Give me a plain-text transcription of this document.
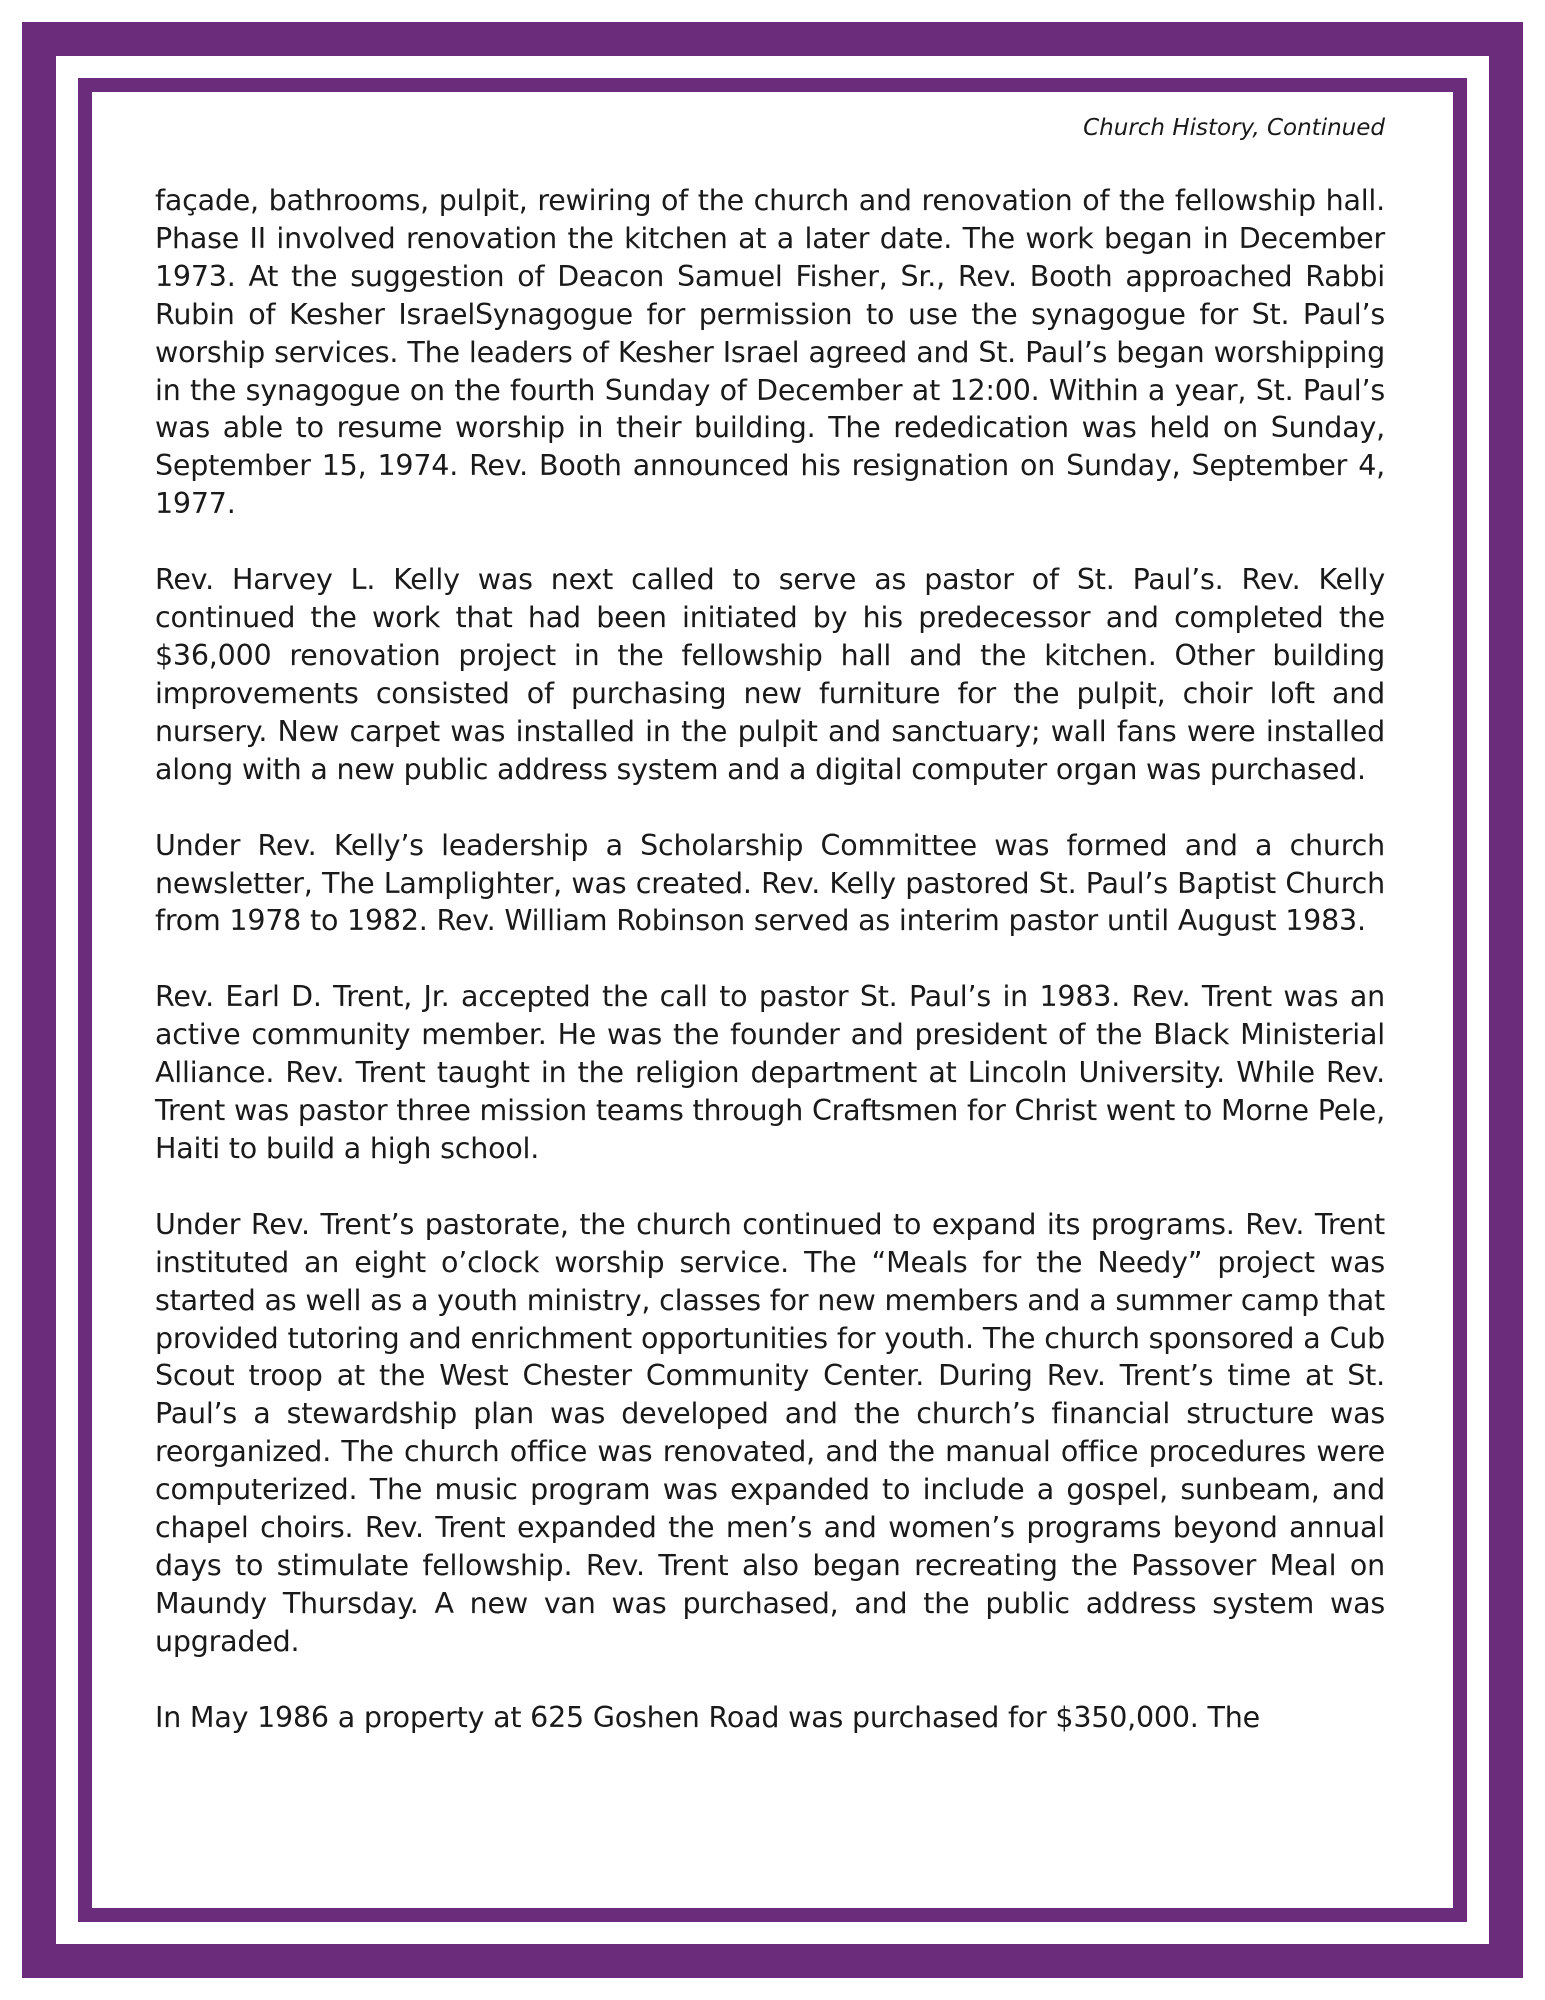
Church History, Continued

façade, bathrooms, pulpit, rewiring of the church and renovation of the fellowship hall. Phase II involved renovation the kitchen at a later date. The work began in December 1973. At the suggestion of Deacon Samuel Fisher, Sr., Rev. Booth approached Rabbi Rubin of Kesher IsraelSynagogue for permission to use the synagogue for St. Paul’s worship services. The leaders of Kesher Israel agreed and St. Paul’s began worshipping in the synagogue on the fourth Sunday of December at 12:00. Within a year, St. Paul’s was able to resume worship in their building. The rededication was held on Sunday, September 15, 1974. Rev. Booth announced his resignation on Sunday, September 4, 1977.

Rev. Harvey L. Kelly was next called to serve as pastor of St. Paul’s. Rev. Kelly continued the work that had been initiated by his predecessor and completed the $36,000 renovation project in the fellowship hall and the kitchen. Other building improvements consisted of purchasing new furniture for the pulpit, choir loft and nursery. New carpet was installed in the pulpit and sanctuary; wall fans were installed along with a new public address system and a digital computer organ was purchased.

Under Rev. Kelly’s leadership a Scholarship Committee was formed and a church newsletter, The Lamplighter, was created. Rev. Kelly pastored St. Paul’s Baptist Church from 1978 to 1982. Rev. William Robinson served as interim pastor until August 1983.

Rev. Earl D. Trent, Jr. accepted the call to pastor St. Paul’s in 1983. Rev. Trent was an active community member. He was the founder and president of the Black Ministerial Alliance. Rev. Trent taught in the religion department at Lincoln University. While Rev. Trent was pastor three mission teams through Craftsmen for Christ went to Morne Pele, Haiti to build a high school.

Under Rev. Trent’s pastorate, the church continued to expand its programs. Rev. Trent instituted an eight o’clock worship service. The “Meals for the Needy” project was started as well as a youth ministry, classes for new members and a summer camp that provided tutoring and enrichment opportunities for youth. The church sponsored a Cub Scout troop at the West Chester Community Center. During Rev. Trent’s time at St. Paul’s a stewardship plan was developed and the church’s financial structure was reorganized. The church office was renovated, and the manual office procedures were computerized. The music program was expanded to include a gospel, sunbeam, and chapel choirs. Rev. Trent expanded the men’s and women’s programs beyond annual days to stimulate fellowship. Rev. Trent also began recreating the Passover Meal on Maundy Thursday. A new van was purchased, and the public address system was upgraded.

In May 1986 a property at 625 Goshen Road was purchased for $350,000. The
